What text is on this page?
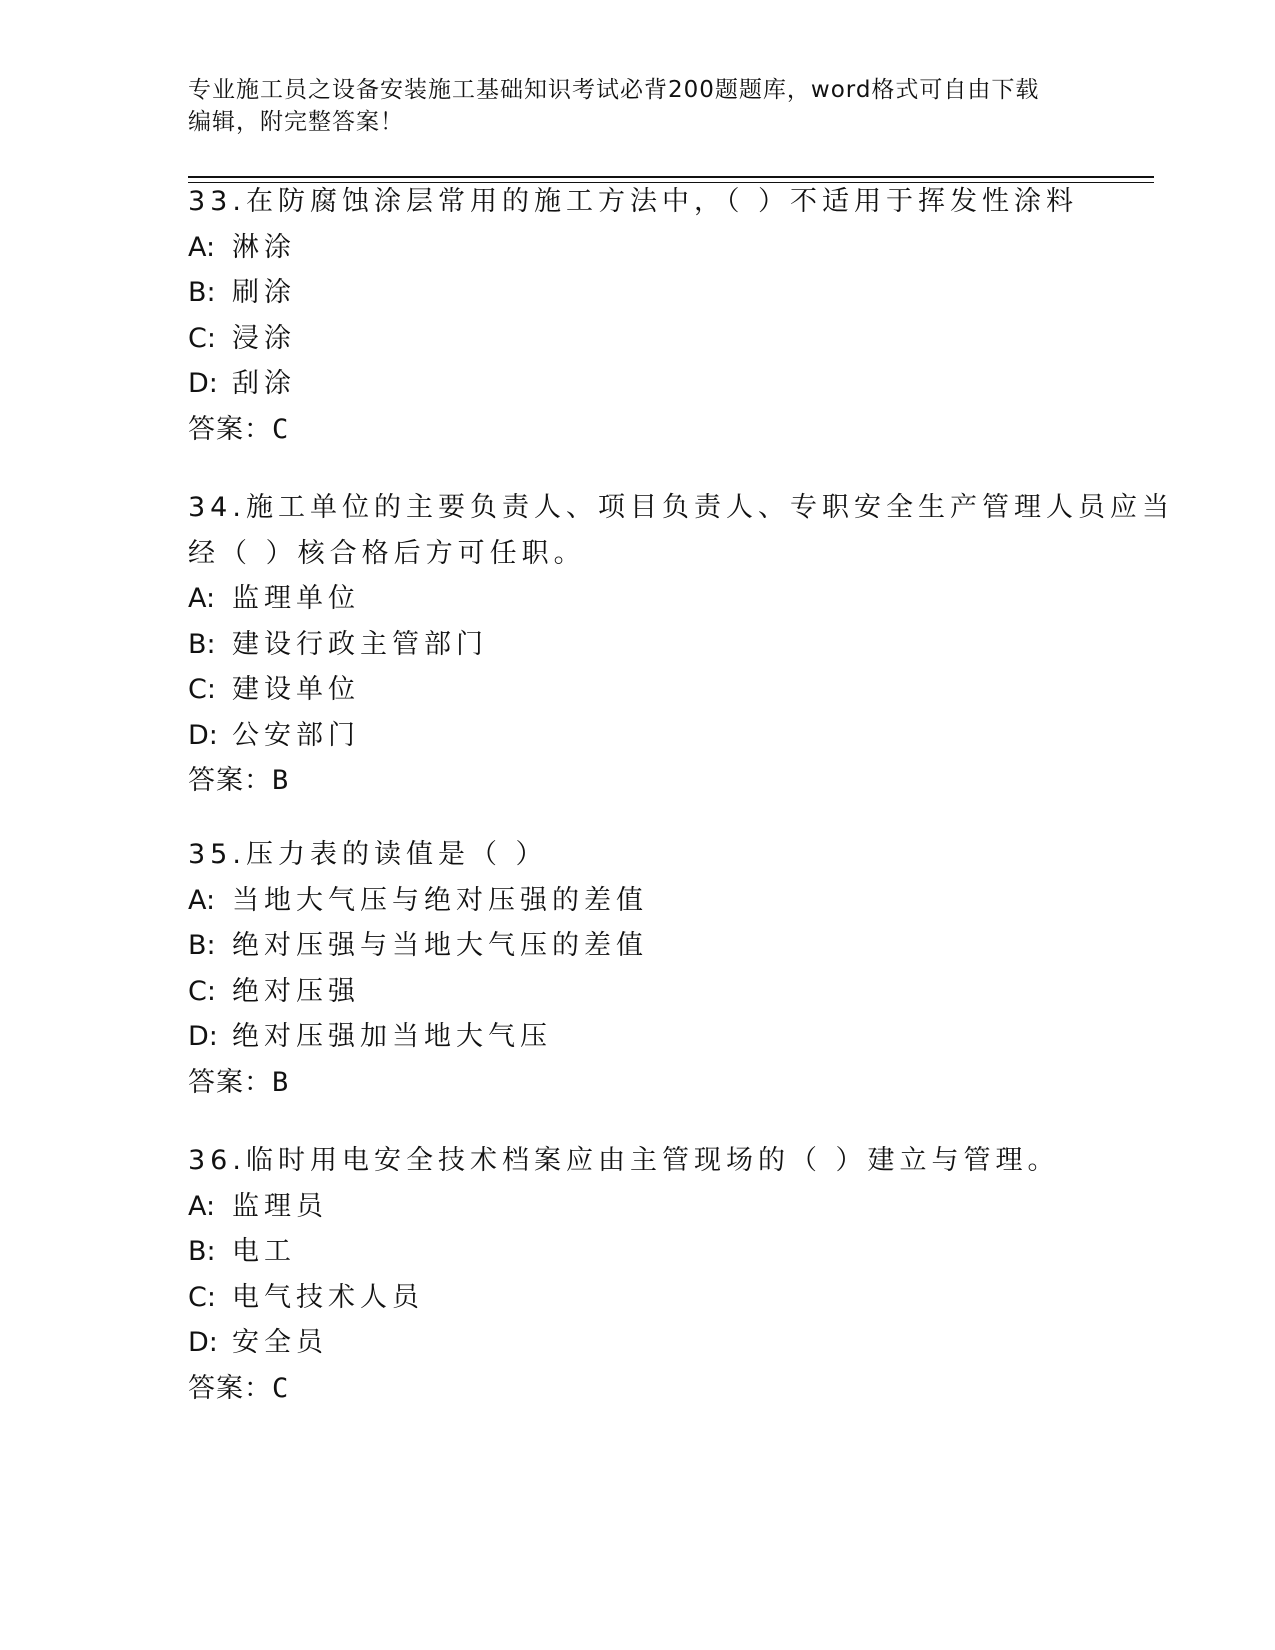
专业施工员之设备安装施工基础知识考试必背200题题库，word格式可自由下载
编辑，附完整答案！
33.在防腐蚀涂层常用的施工方法中，（ ）不适用于挥发性涂料
A: 淋涂
B: 刷涂
C: 浸涂
D: 刮涂
答案：C
34.施工单位的主要负责人、项目负责人、专职安全生产管理人员应当
经（ ）核合格后方可任职。
A: 监理单位
B: 建设行政主管部门
C: 建设单位
D: 公安部门
答案：B
35.压力表的读值是（ ）
A: 当地大气压与绝对压强的差值
B: 绝对压强与当地大气压的差值
C: 绝对压强
D: 绝对压强加当地大气压
答案：B
36.临时用电安全技术档案应由主管现场的（ ）建立与管理。
A: 监理员
B: 电工
C: 电气技术人员
D: 安全员
答案：C
